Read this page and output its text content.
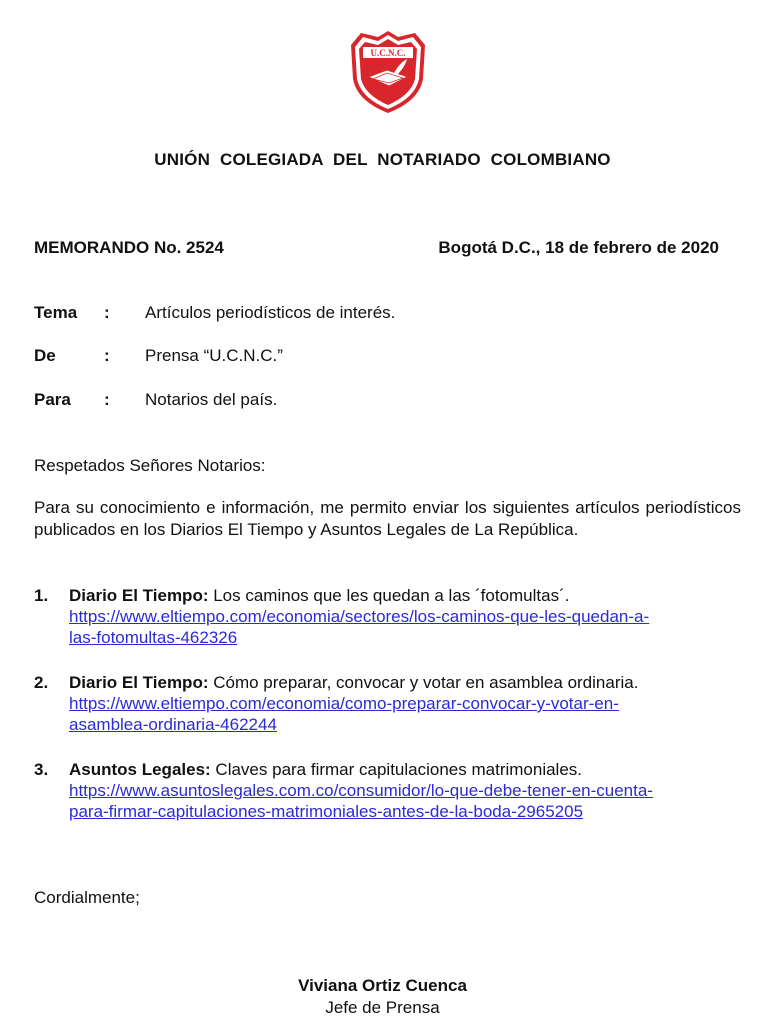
U.C.N.C.
UNIÓN COLEGIADA DEL NOTARIADO COLOMBIANO
MEMORANDO No. 2524	Bogotá D.C., 18 de febrero de 2020
Tema : Artículos periodísticos de interés.
De	: Prensa “U.C.N.C.”
Para : Notarios del país.
Respetados Señores Notarios:
Para su conocimiento e información, me permito enviar los siguientes artículos periodísticos publicados en los Diarios El Tiempo y Asuntos Legales de La República.
1. Diario El Tiempo: Los caminos que les quedan a las ´fotomultas´.
https://www.eltiempo.com/economia/sectores/los-caminos-que-les-quedan-a-
las-fotomultas-462326
2. Diario El Tiempo: Cómo preparar, convocar y votar en asamblea ordinaria.
https://www.eltiempo.com/economia/como-preparar-convocar-y-votar-en-
asamblea-ordinaria-462244
3. Asuntos Legales: Claves para firmar capitulaciones matrimoniales.
https://www.asuntoslegales.com.co/consumidor/lo-que-debe-tener-en-cuenta-
para-firmar-capitulaciones-matrimoniales-antes-de-la-boda-2965205
Cordialmente;
Viviana Ortiz Cuenca
Jefe de Prensa
